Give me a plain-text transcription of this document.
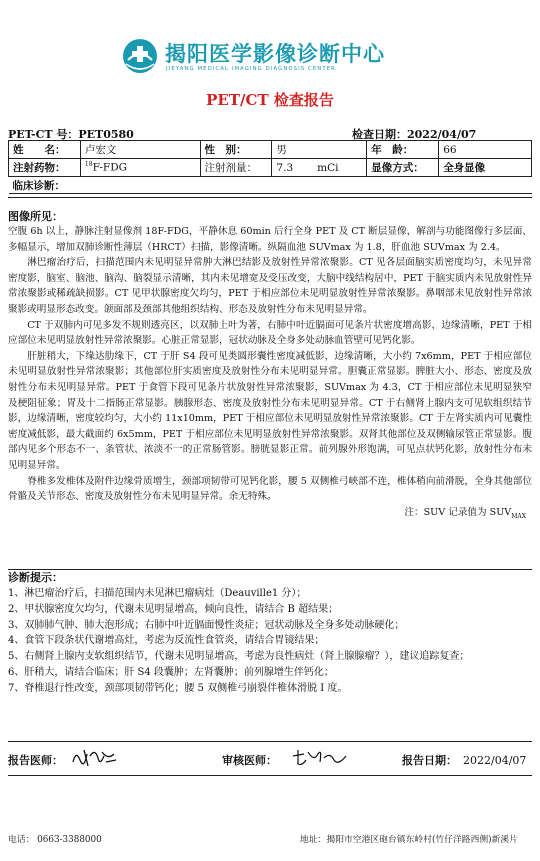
揭阳医学影像诊断中心
JIEYANG MEDICAL IMAGING DIAGNOSIS CENTER
PET/CT 检查报告
PET-CT 号：PET0580	检查日期：2022/04/07
姓　　名：	卢宏文	性　别：	男	年　龄：	66
注射药物：	$^{18}$F-FDG	注射剂量：	7.3 mCi	显像方式：	全身显像
临床诊断：					
图像所见：
空腹 6h 以上，静脉注射显像剂 18F-FDG，平静休息 60min 后行全身 PET 及 CT 断层显像，解剖与功能图像行多层面、多幅显示，增加双肺诊断性薄层（HRCT）扫描，影像清晰。纵隔血池 SUVmax 为 1.8，肝血池 SUVmax 为 2.4。
淋巴瘤治疗后，扫描范围内未见明显异常肿大淋巴结影及放射性异常浓聚影。CT 见各层面脑实质密度均匀，未见异常密度影，脑室、脑池、脑沟、脑裂显示清晰，其内未见增宽及受压改变，大脑中线结构居中，PET 于脑实质内未见放射性异常浓聚影或稀疏缺损影。CT 见甲状腺密度欠均匀，PET 于相应部位未见明显放射性异常浓聚影。鼻咽部未见放射性异常浓聚影或明显形态改变。颌面部及颈部其他组织结构、形态及放射性分布未见明显异常。
CT 于双肺内可见多发不规则透亮区，以双肺上叶为著，右肺中叶近膈面可见条片状密度增高影，边缘清晰，PET 于相应部位未见明显放射性异常浓聚影。心脏正常显影，冠状动脉及全身多处动脉血管壁可见钙化影。
肝脏稍大，下缘达肋缘下，CT 于肝 S4 段可见类圆形囊性密度减低影，边缘清晰，大小约 7x6mm，PET 于相应部位未见明显放射性异常浓聚影；其他部位肝实质密度及放射性分布未见明显异常。胆囊正常显影。脾脏大小、形态、密度及放射性分布未见明显异常。PET 于食管下段可见条片状放射性异常浓聚影，SUVmax 为 4.3，CT 于相应部位未见明显狭窄及梗阻征象；胃及十二指肠正常显影。胰腺形态、密度及放射性分布未见明显异常。CT 于右侧肾上腺内支可见软组织结节影，边缘清晰，密度较均匀，大小约 11x10mm，PET 于相应部位未见明显放射性异常浓聚影。CT 于左肾实质内可见囊性密度减低影，最大截面约 6x5mm，PET 于相应部位未见明显放射性异常浓聚影。双肾其他部位及双侧输尿管正常显影。腹部内见多个形态不一、条管状、浓淡不一的正常肠管影。膀胱显影正常。前列腺外形饱满，可见点状钙化影，放射性分布未见明显异常。
脊椎多发椎体及附件边缘骨质增生，颈部项韧带可见钙化影，腰 5 双侧椎弓峡部不连，椎体稍向前滑脱，全身其他部位骨骼及关节形态、密度及放射性分布未见明显异常。余无特殊。
注：SUV 记录值为 $SUV_{MAX}$
诊断提示：
1、淋巴瘤治疗后，扫描范围内未见淋巴瘤病灶（Deauville1 分）；
2、甲状腺密度欠均匀，代谢未见明显增高，倾向良性，请结合 B 超结果；
3、双肺肺气肿、肺大泡形成；右肺中叶近膈面慢性炎症；冠状动脉及全身多处动脉硬化；
4、食管下段条状代谢增高灶，考虑为反流性食管炎，请结合胃镜结果；
5、右侧肾上腺内支软组织结节，代谢未见明显增高，考虑为良性病灶（肾上腺腺瘤？），建议追踪复查；
6、肝稍大，请结合临床；肝 S4 段囊肿；左肾囊肿；前列腺增生伴钙化；
7、脊椎退行性改变，颈部项韧带钙化；腰 5 双侧椎弓崩裂伴椎体滑脱 I 度。
报告医师：	审核医师：	报告日期： 2022/04/07
电话： 0663-3388000	地址：揭阳市空港区砲台镇东岭村(竹仔洋路西侧)新溪片
